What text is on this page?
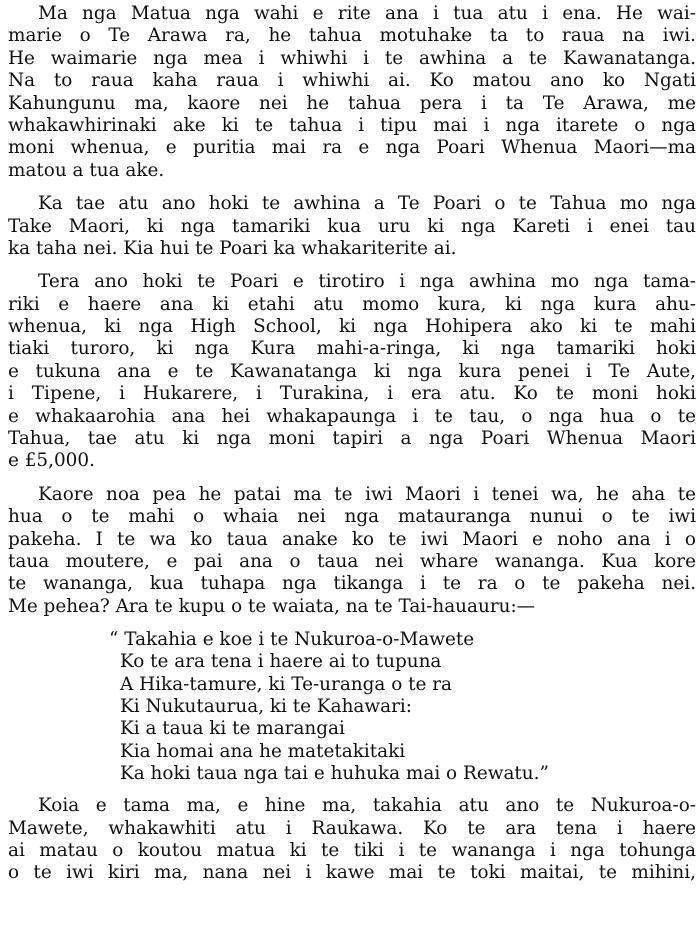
Ma nga Matua nga wahi e rite ana i tua atu i ena. He wai-
marie o Te Arawa ra, he tahua motuhake ta to raua na iwi.
He waimarie nga mea i whiwhi i te awhina a te Kawanatanga.
Na to raua kaha raua i whiwhi ai. Ko matou ano ko Ngati
Kahungunu ma, kaore nei he tahua pera i ta Te Arawa, me
whakawhirinaki ake ki te tahua i tipu mai i nga itarete o nga
moni whenua, e puritia mai ra e nga Poari Whenua Maori—ma
matou a tua ake.
Ka tae atu ano hoki te awhina a Te Poari o te Tahua mo nga
Take Maori, ki nga tamariki kua uru ki nga Kareti i enei tau
ka taha nei. Kia hui te Poari ka whakariterite ai.
Tera ano hoki te Poari e tirotiro i nga awhina mo nga tama-
riki e haere ana ki etahi atu momo kura, ki nga kura ahu-
whenua, ki nga High School, ki nga Hohipera ako ki te mahi
tiaki turoro, ki nga Kura mahi-a-ringa, ki nga tamariki hoki
e tukuna ana e te Kawanatanga ki nga kura penei i Te Aute,
i Tipene, i Hukarere, i Turakina, i era atu. Ko te moni hoki
e whakaarohia ana hei whakapaunga i te tau, o nga hua o te
Tahua, tae atu ki nga moni tapiri a nga Poari Whenua Maori
e £5,000.
Kaore noa pea he patai ma te iwi Maori i tenei wa, he aha te
hua o te mahi o whaia nei nga matauranga nunui o te iwi
pakeha. I te wa ko taua anake ko te iwi Maori e noho ana i o
taua moutere, e pai ana o taua nei whare wananga. Kua kore
te wananga, kua tuhapa nga tikanga i te ra o te pakeha nei.
Me pehea? Ara te kupu o te waiata, na te Tai-hauauru:—
“ Takahia e koe i te Nukuroa-o-Mawete
Ko te ara tena i haere ai to tupuna
A Hika-tamure, ki Te-uranga o te ra
Ki Nukutaurua, ki te Kahawari:
Ki a taua ki te marangai
Kia homai ana he matetakitaki
Ka hoki taua nga tai e huhuka mai o Rewatu.”
Koia e tama ma, e hine ma, takahia atu ano te Nukuroa-o-
Mawete, whakawhiti atu i Raukawa. Ko te ara tena i haere
ai matau o koutou matua ki te tiki i te wananga i nga tohunga
o te iwi kiri ma, nana nei i kawe mai te toki maitai, te mihini,
